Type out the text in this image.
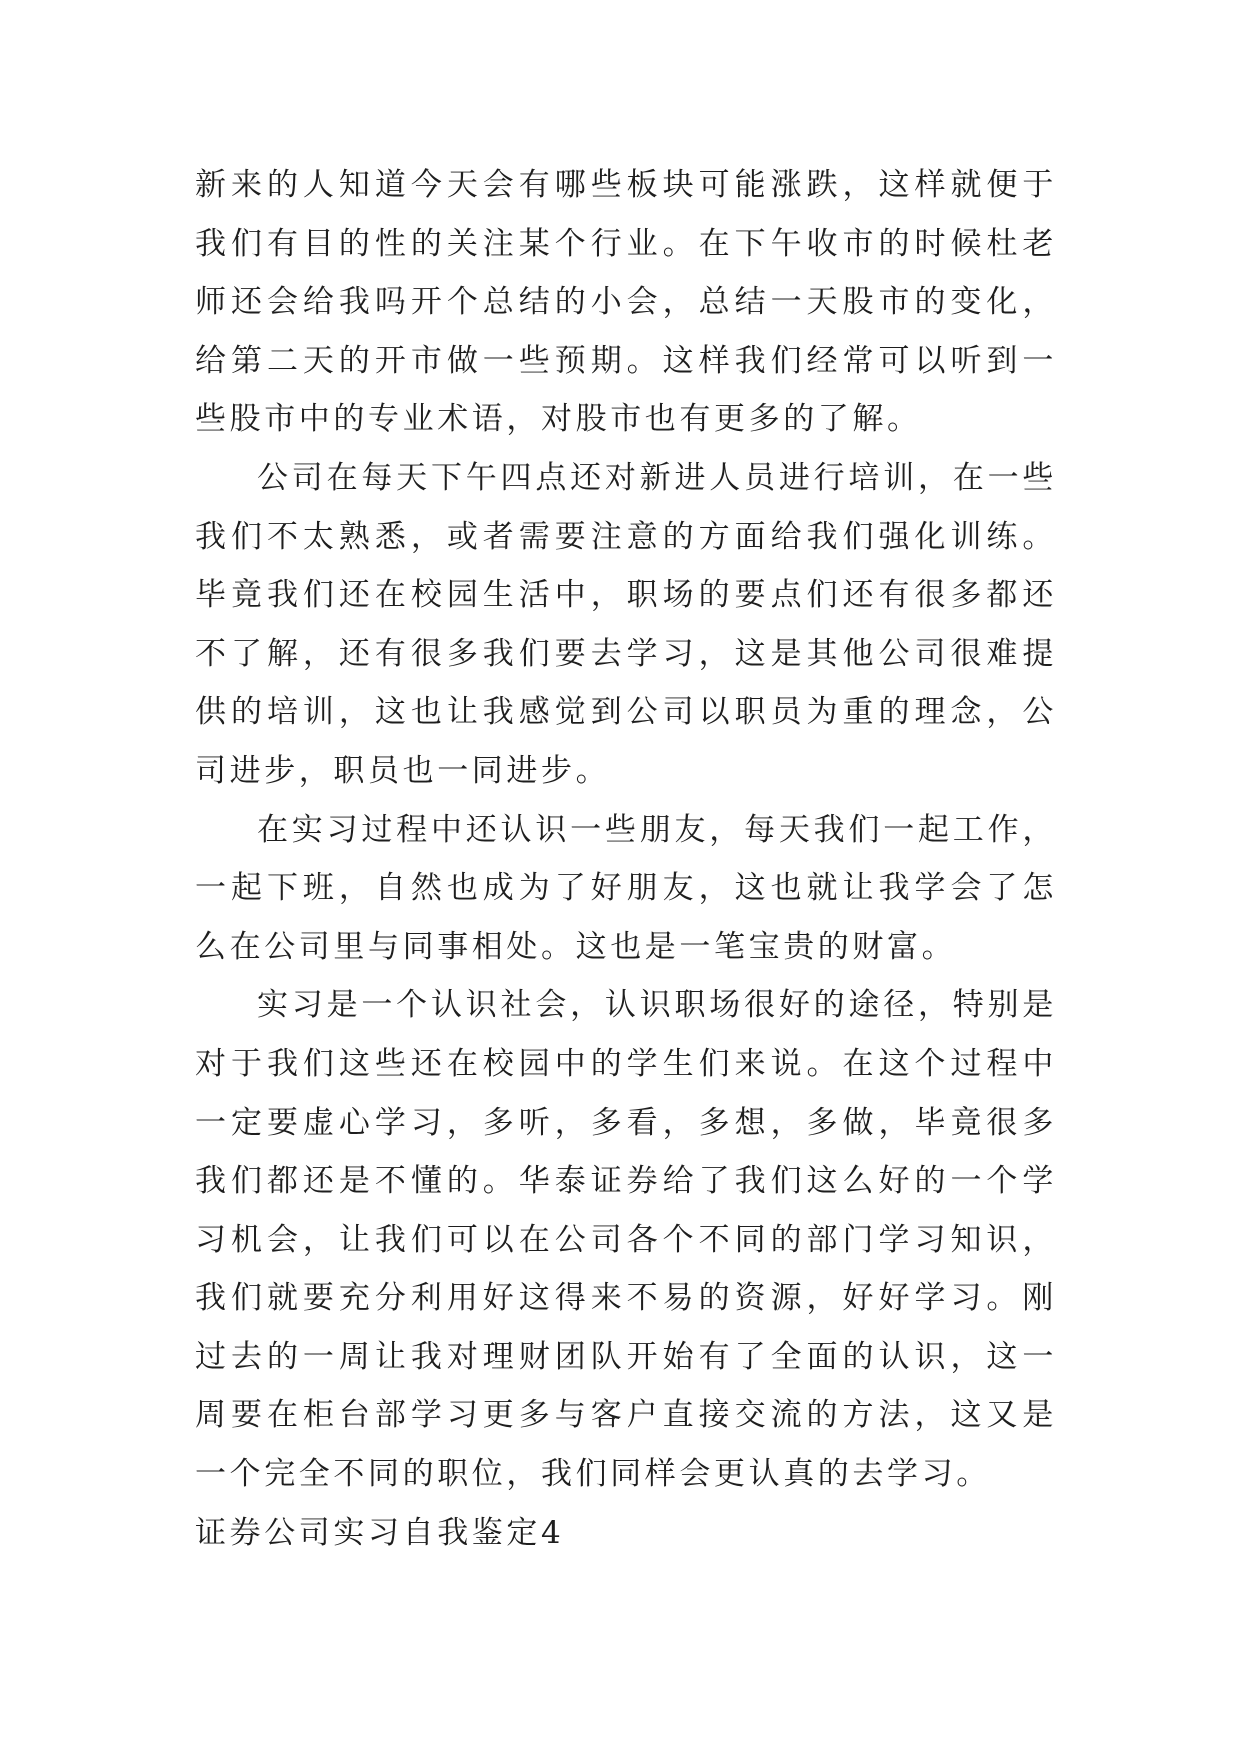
新来的人知道今天会有哪些板块可能涨跌，这样就便于我们有目的性的关注某个行业。在下午收市的时候杜老师还会给我吗开个总结的小会，总结一天股市的变化，给第二天的开市做一些预期。这样我们经常可以听到一些股市中的专业术语，对股市也有更多的了解。

公司在每天下午四点还对新进人员进行培训，在一些我们不太熟悉，或者需要注意的方面给我们强化训练。毕竟我们还在校园生活中，职场的要点们还有很多都还不了解，还有很多我们要去学习，这是其他公司很难提供的培训，这也让我感觉到公司以职员为重的理念，公司进步，职员也一同进步。

在实习过程中还认识一些朋友，每天我们一起工作，一起下班，自然也成为了好朋友，这也就让我学会了怎么在公司里与同事相处。这也是一笔宝贵的财富。

实习是一个认识社会，认识职场很好的途径，特别是对于我们这些还在校园中的学生们来说。在这个过程中一定要虚心学习，多听，多看，多想，多做，毕竟很多我们都还是不懂的。华泰证券给了我们这么好的一个学习机会，让我们可以在公司各个不同的部门学习知识，我们就要充分利用好这得来不易的资源，好好学习。刚过去的一周让我对理财团队开始有了全面的认识，这一周要在柜台部学习更多与客户直接交流的方法，这又是一个完全不同的职位，我们同样会更认真的去学习。

证券公司实习自我鉴定4
